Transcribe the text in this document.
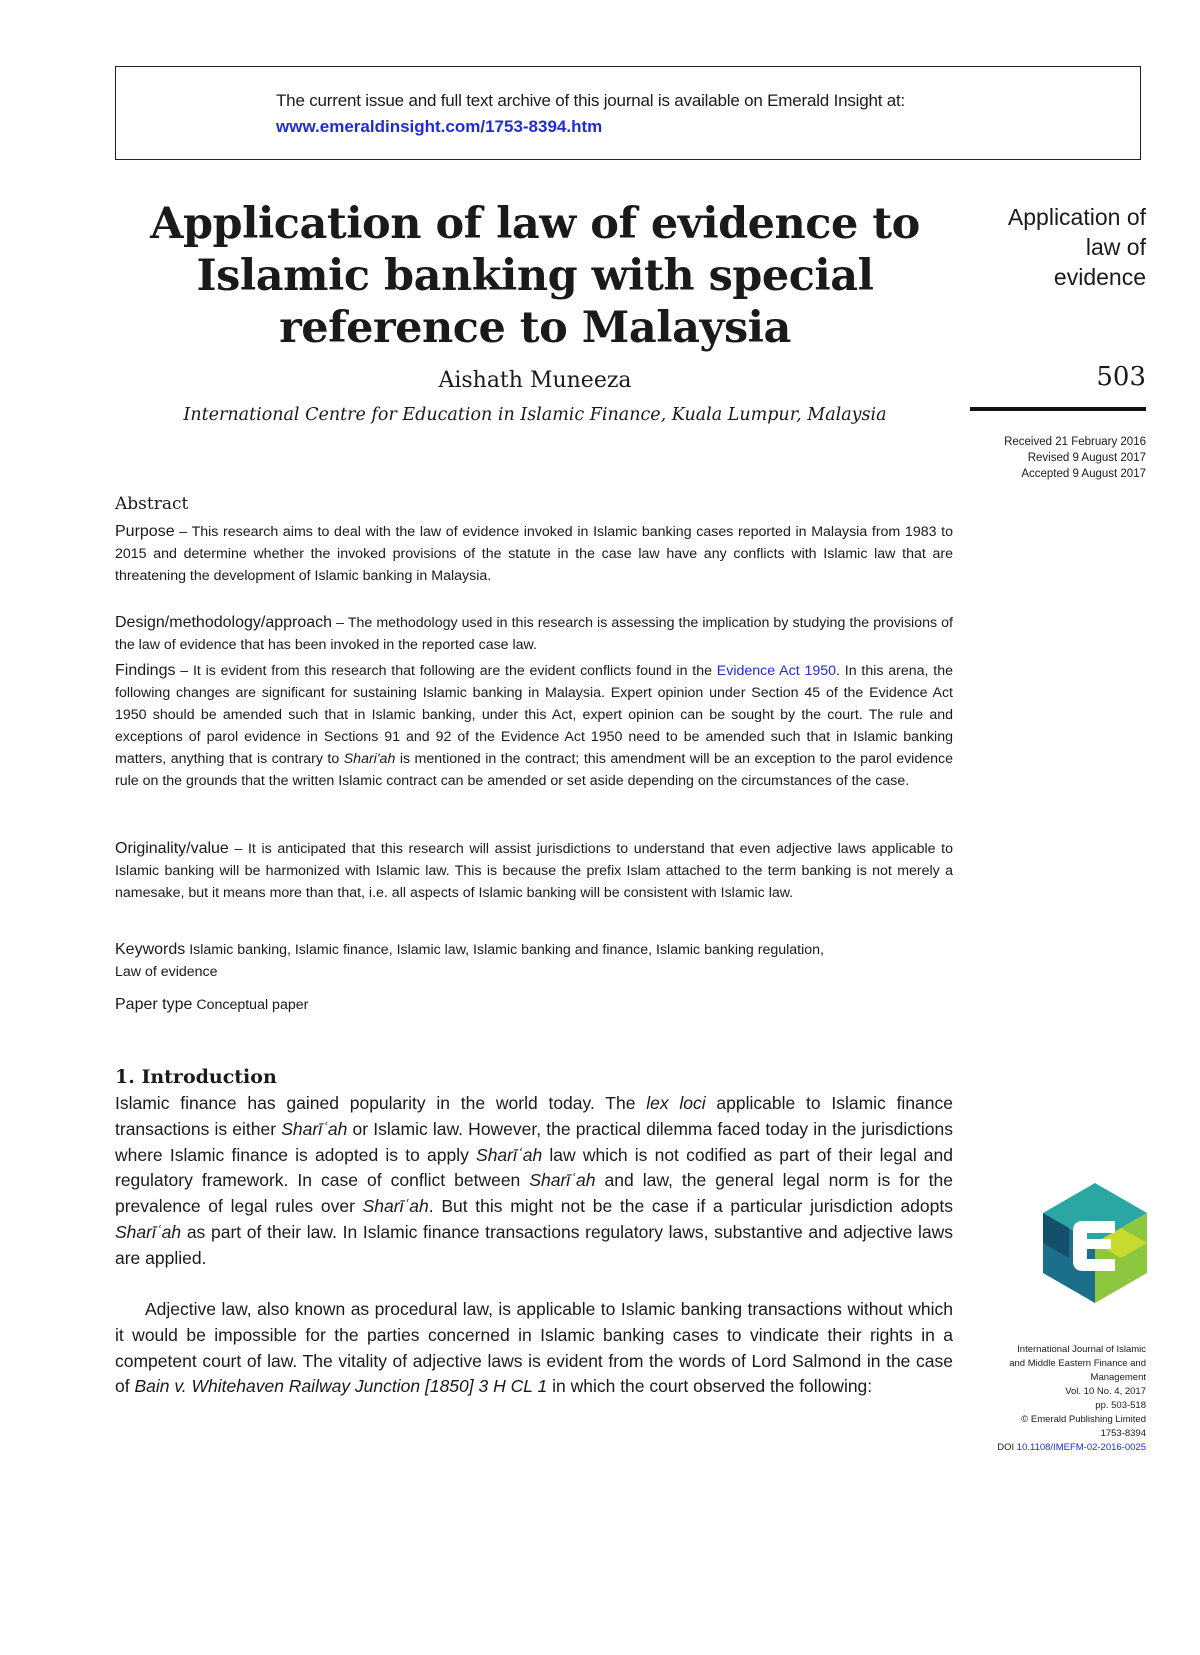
The current issue and full text archive of this journal is available on Emerald Insight at:
www.emeraldinsight.com/1753-8394.htm
Application of law of evidence to
Islamic banking with special
reference to Malaysia
Aishath Muneeza
International Centre for Education in Islamic Finance, Kuala Lumpur, Malaysia
Application of
law of
evidence
503
Received 21 February 2016
Revised 9 August 2017
Accepted 9 August 2017
Abstract

Purpose – This research aims to deal with the law of evidence invoked in Islamic banking cases reported in Malaysia from 1983 to 2015 and determine whether the invoked provisions of the statute in the case law have any conflicts with Islamic law that are threatening the development of Islamic banking in Malaysia.

Design/methodology/approach – The methodology used in this research is assessing the implication by studying the provisions of the law of evidence that has been invoked in the reported case law.

Findings – It is evident from this research that following are the evident conflicts found in the Evidence Act 1950. In this arena, the following changes are significant for sustaining Islamic banking in Malaysia. Expert opinion under Section 45 of the Evidence Act 1950 should be amended such that in Islamic banking, under this Act, expert opinion can be sought by the court. The rule and exceptions of parol evidence in Sections 91 and 92 of the Evidence Act 1950 need to be amended such that in Islamic banking matters, anything that is contrary to Shari'ah is mentioned in the contract; this amendment will be an exception to the parol evidence rule on the grounds that the written Islamic contract can be amended or set aside depending on the circumstances of the case.

Originality/value – It is anticipated that this research will assist jurisdictions to understand that even adjective laws applicable to Islamic banking will be harmonized with Islamic law. This is because the prefix Islam attached to the term banking is not merely a namesake, but it means more than that, i.e. all aspects of Islamic banking will be consistent with Islamic law.

Keywords Islamic banking, Islamic finance, Islamic law, Islamic banking and finance, Islamic banking regulation, Law of evidence

Paper type Conceptual paper

1. Introduction

Islamic finance has gained popularity in the world today. The lex loci applicable to Islamic finance transactions is either Sharīʿah or Islamic law. However, the practical dilemma faced today in the jurisdictions where Islamic finance is adopted is to apply Sharīʿah law which is not codified as part of their legal and regulatory framework. In case of conflict between Sharīʿah and law, the general legal norm is for the prevalence of legal rules over Sharīʿah. But this might not be the case if a particular jurisdiction adopts Sharīʿah as part of their law. In Islamic finance transactions regulatory laws, substantive and adjective laws are applied.

Adjective law, also known as procedural law, is applicable to Islamic banking transactions without which it would be impossible for the parties concerned in Islamic banking cases to vindicate their rights in a competent court of law. The vitality of adjective laws is evident from the words of Lord Salmond in the case of Bain v. Whitehaven Railway Junction [1850] 3 H CL 1 in which the court observed the following:

International Journal of Islamic
and Middle Eastern Finance and
Management
Vol. 10 No. 4, 2017
pp. 503-518
© Emerald Publishing Limited
1753-8394
DOI 10.1108/IMEFM-02-2016-0025
